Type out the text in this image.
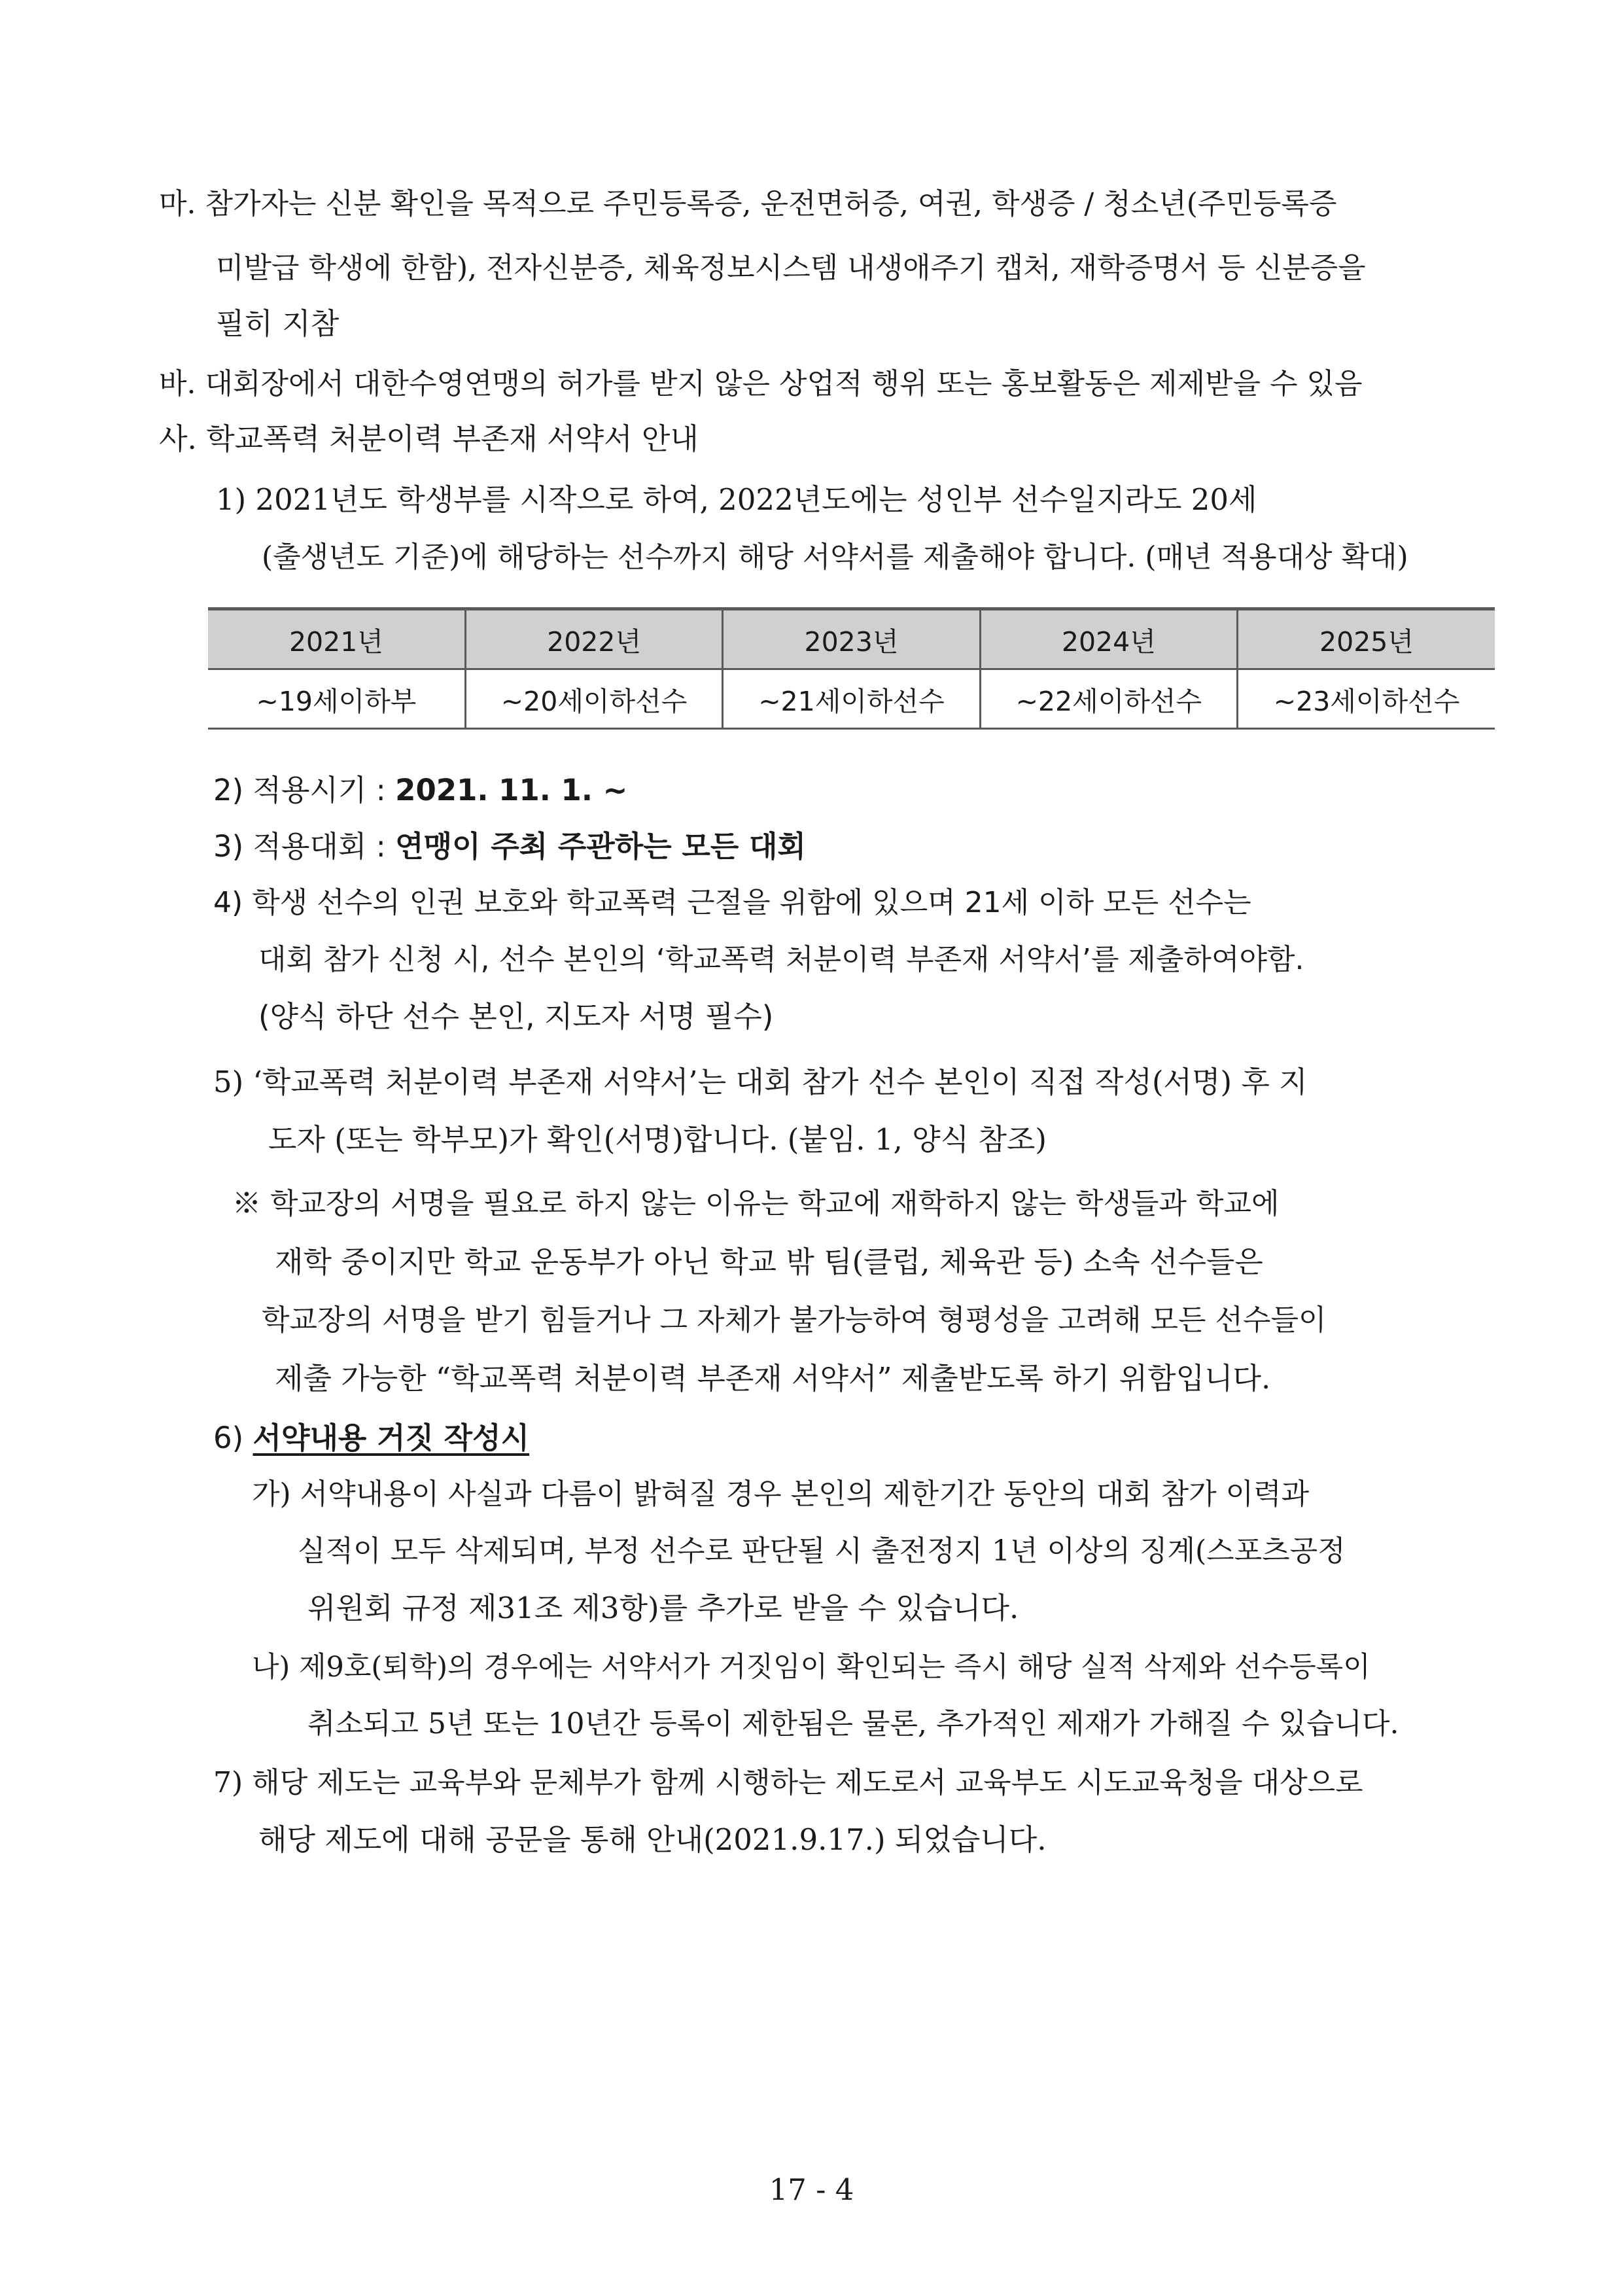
마. 참가자는 신분 확인을 목적으로 주민등록증, 운전면허증, 여권, 학생증 / 청소년(주민등록증
미발급 학생에 한함), 전자신분증, 체육정보시스템 내생애주기 캡처, 재학증명서 등 신분증을
필히 지참
바. 대회장에서 대한수영연맹의 허가를 받지 않은 상업적 행위 또는 홍보활동은 제제받을 수 있음
사. 학교폭력 처분이력 부존재 서약서 안내
1) 2021년도 학생부를 시작으로 하여, 2022년도에는 성인부 선수일지라도 20세
(출생년도 기준)에 해당하는 선수까지 해당 서약서를 제출해야 합니다. (매년 적용대상 확대)
2021년	2022년	2023년	2024년	2025년
~19세이하부	~20세이하선수	~21세이하선수	~22세이하선수	~23세이하선수
2) 적용시기 : 2021. 11. 1. ~
3) 적용대회 : 연맹이 주최 주관하는 모든 대회
4) 학생 선수의 인권 보호와 학교폭력 근절을 위함에 있으며 21세 이하 모든 선수는
대회 참가 신청 시, 선수 본인의 ‘학교폭력 처분이력 부존재 서약서’를 제출하여야함.
(양식 하단 선수 본인, 지도자 서명 필수)
5) ‘학교폭력 처분이력 부존재 서약서’는 대회 참가 선수 본인이 직접 작성(서명) 후 지
도자 (또는 학부모)가 확인(서명)합니다. (붙임. 1, 양식 참조)
※ 학교장의 서명을 필요로 하지 않는 이유는 학교에 재학하지 않는 학생들과 학교에
재학 중이지만 학교 운동부가 아닌 학교 밖 팀(클럽, 체육관 등) 소속 선수들은
학교장의 서명을 받기 힘들거나 그 자체가 불가능하여 형평성을 고려해 모든 선수들이
제출 가능한 “학교폭력 처분이력 부존재 서약서” 제출받도록 하기 위함입니다.
6) 서약내용 거짓 작성시
가) 서약내용이 사실과 다름이 밝혀질 경우 본인의 제한기간 동안의 대회 참가 이력과
실적이 모두 삭제되며, 부정 선수로 판단될 시 출전정지 1년 이상의 징계(스포츠공정
위원회 규정 제31조 제3항)를 추가로 받을 수 있습니다.
나) 제9호(퇴학)의 경우에는 서약서가 거짓임이 확인되는 즉시 해당 실적 삭제와 선수등록이
취소되고 5년 또는 10년간 등록이 제한됨은 물론, 추가적인 제재가 가해질 수 있습니다.
7) 해당 제도는 교육부와 문체부가 함께 시행하는 제도로서 교육부도 시도교육청을 대상으로
해당 제도에 대해 공문을 통해 안내(2021.9.17.) 되었습니다.
17 - 4
